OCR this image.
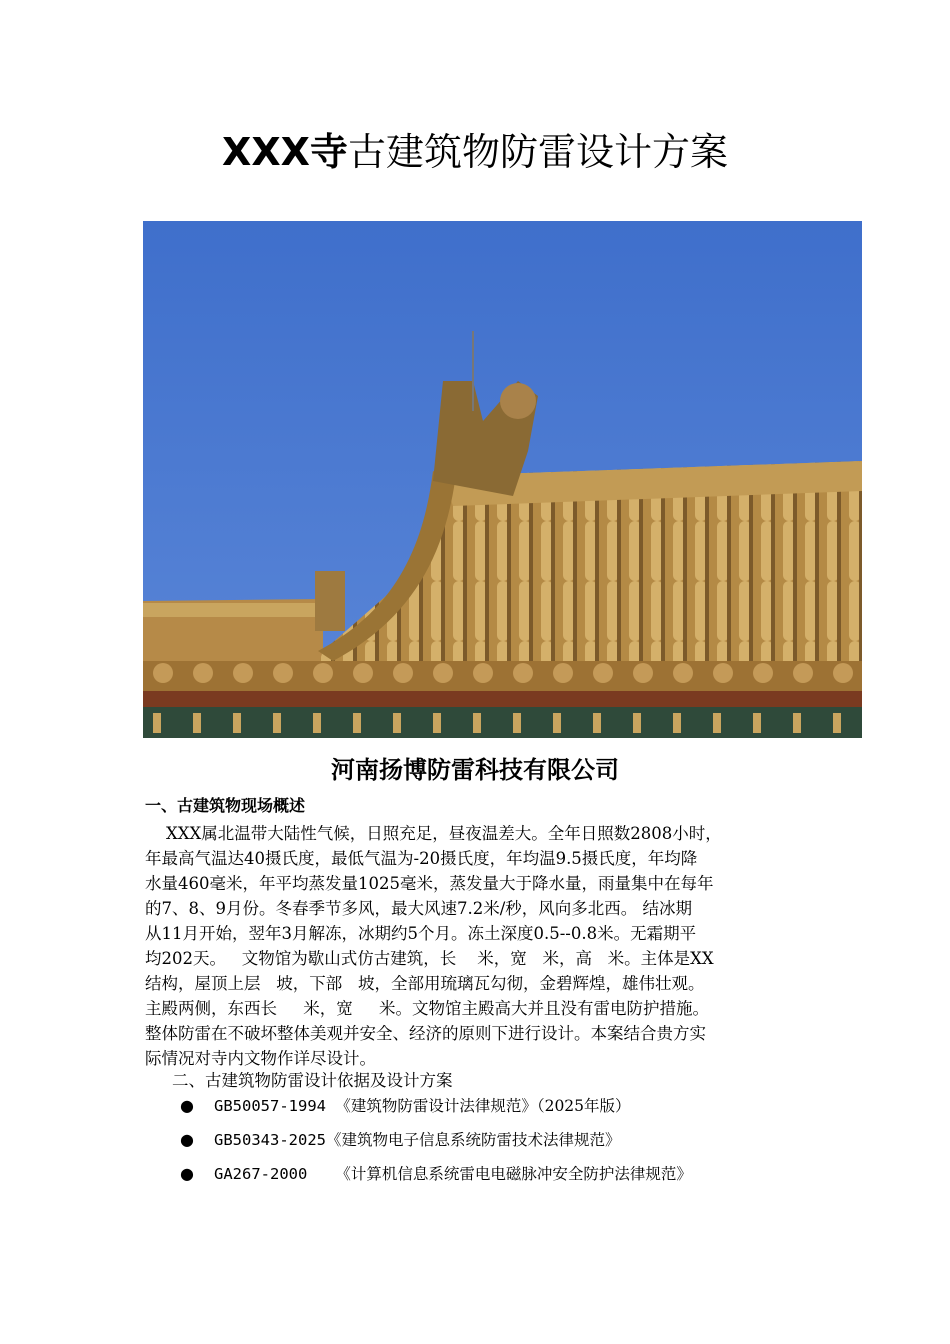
XXX寺古建筑物防雷设计方案
河南扬博防雷科技有限公司
一、古建筑物现场概述
XXX属北温带大陆性气候，日照充足，昼夜温差大。全年日照数2808小时，
年最高气温达40摄氏度，最低气温为-20摄氏度，年均温9.5摄氏度，年均降
水量460毫米，年平均蒸发量1025毫米，蒸发量大于降水量，雨量集中在每年
的7、8、9月份。冬春季节多风，最大风速7.2米/秒，风向多北西。 结冰期
从11月开始，翌年3月解冻，冰期约5个月。冻土深度0.5--0.8米。无霜期平
均202天。   文物馆为歇山式仿古建筑，长    米，宽   米，高   米。主体是XX
结构，屋顶上层   坡，下部   坡，全部用琉璃瓦勾彻，金碧辉煌，雄伟壮观。
主殿两侧，东西长     米，宽     米。文物馆主殿高大并且没有雷电防护措施。
整体防雷在不破坏整体美观并安全、经济的原则下进行设计。本案结合贵方实
际情况对寺内文物作详尽设计。

二、古建筑物防雷设计依据及设计方案

● GB50057-1994 《建筑物防雷设计法律规范》（2025年版）
● GB50343-2025《建筑物电子信息系统防雷技术法律规范》
● GA267-2000   《计算机信息系统雷电电磁脉冲安全防护法律规范》
